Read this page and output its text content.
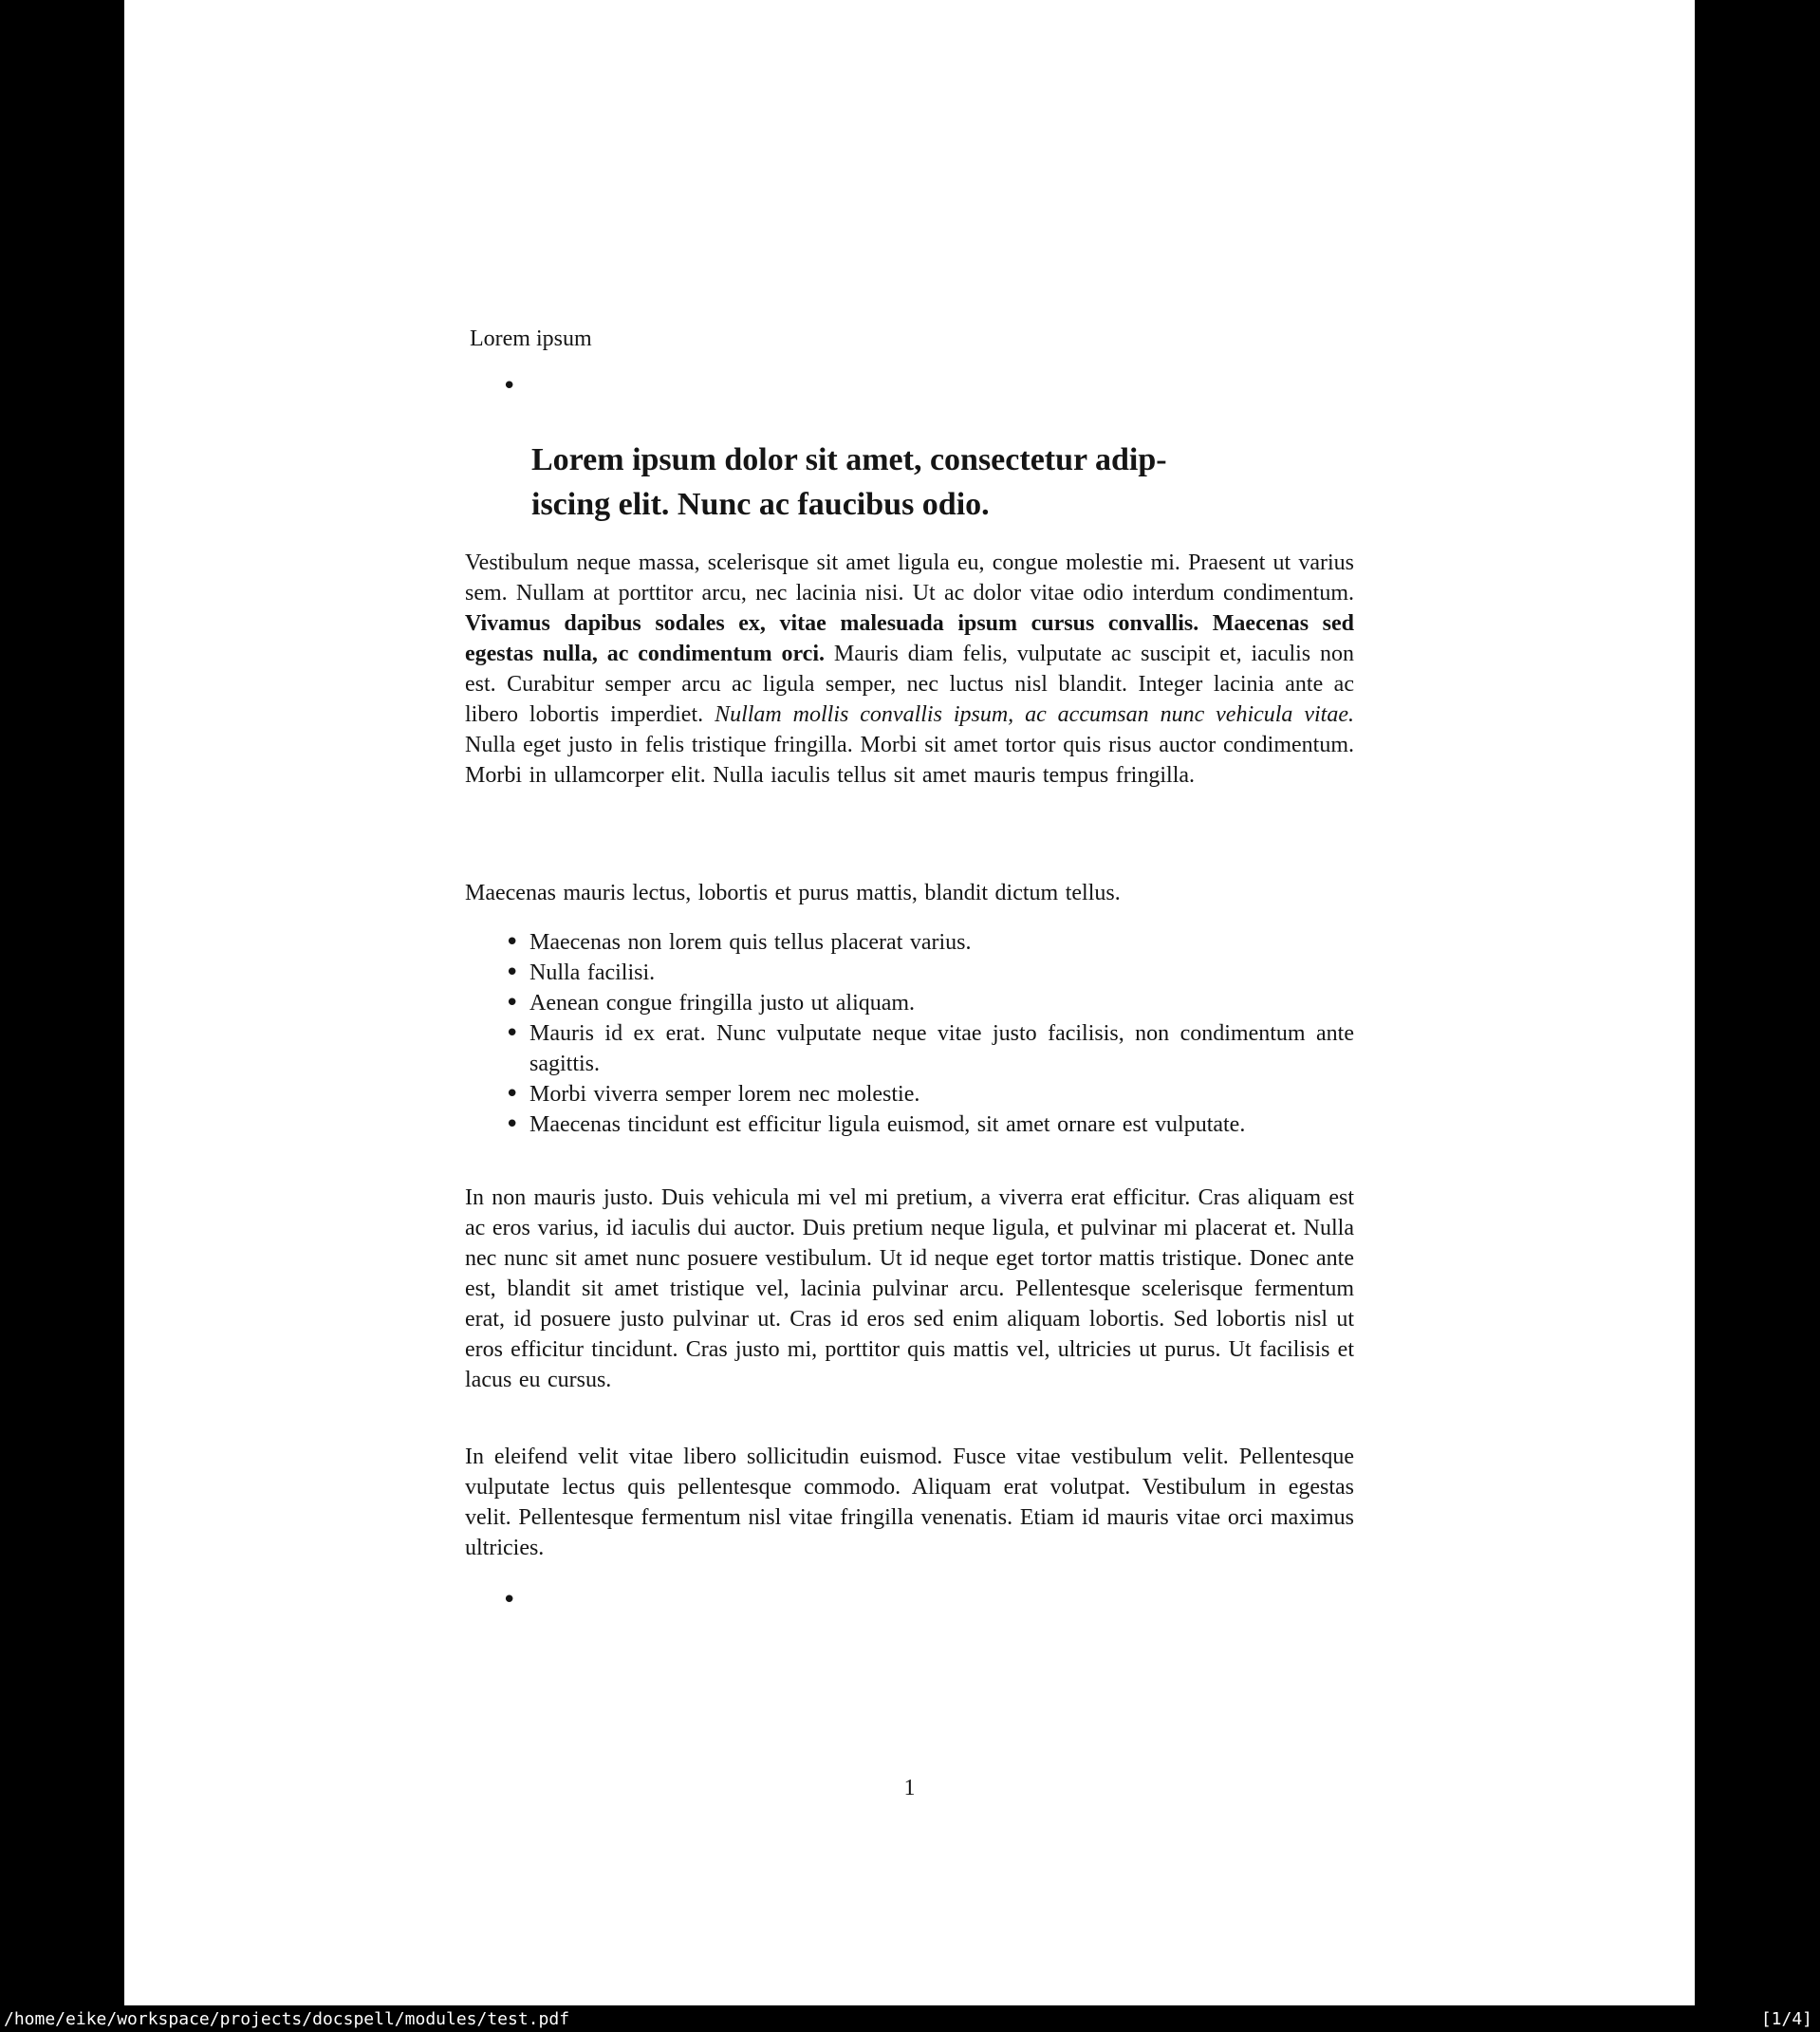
Lorem ipsum
•
Lorem ipsum dolor sit amet, consectetur adip-
iscing elit. Nunc ac faucibus odio.
Vestibulum neque massa, scelerisque sit amet ligula eu, congue molestie mi. Praesent ut varius sem. Nullam at porttitor arcu, nec lacinia nisi. Ut ac dolor vitae odio interdum condimentum. Vivamus dapibus sodales ex, vitae malesuada ipsum cursus convallis. Maecenas sed egestas nulla, ac condimentum orci. Mauris diam felis, vulputate ac suscipit et, iaculis non est. Curabitur semper arcu ac ligula semper, nec luctus nisl blandit. Integer lacinia ante ac libero lobortis imperdiet. Nullam mollis convallis ipsum, ac accumsan nunc vehicula vitae. Nulla eget justo in felis tristique fringilla. Morbi sit amet tortor quis risus auctor condimentum. Morbi in ullamcorper elit. Nulla iaculis tellus sit amet mauris tempus fringilla.
Maecenas mauris lectus, lobortis et purus mattis, blandit dictum tellus.
• Maecenas non lorem quis tellus placerat varius.
• Nulla facilisi.
• Aenean congue fringilla justo ut aliquam.
• Mauris id ex erat. Nunc vulputate neque vitae justo facilisis, non condimentum ante sagittis.
• Morbi viverra semper lorem nec molestie.
• Maecenas tincidunt est efficitur ligula euismod, sit amet ornare est vulputate.
In non mauris justo. Duis vehicula mi vel mi pretium, a viverra erat efficitur. Cras aliquam est ac eros varius, id iaculis dui auctor. Duis pretium neque ligula, et pulvinar mi placerat et. Nulla nec nunc sit amet nunc posuere vestibulum. Ut id neque eget tortor mattis tristique. Donec ante est, blandit sit amet tristique vel, lacinia pulvinar arcu. Pellentesque scelerisque fermentum erat, id posuere justo pulvinar ut. Cras id eros sed enim aliquam lobortis. Sed lobortis nisl ut eros efficitur tincidunt. Cras justo mi, porttitor quis mattis vel, ultricies ut purus. Ut facilisis et lacus eu cursus.
In eleifend velit vitae libero sollicitudin euismod. Fusce vitae vestibulum velit. Pellentesque vulputate lectus quis pellentesque commodo. Aliquam erat volutpat. Vestibulum in egestas velit. Pellentesque fermentum nisl vitae fringilla venenatis. Etiam id mauris vitae orci maximus ultricies.
•
1
/home/eike/workspace/projects/docspell/modules/test.pdf	[1/4]
